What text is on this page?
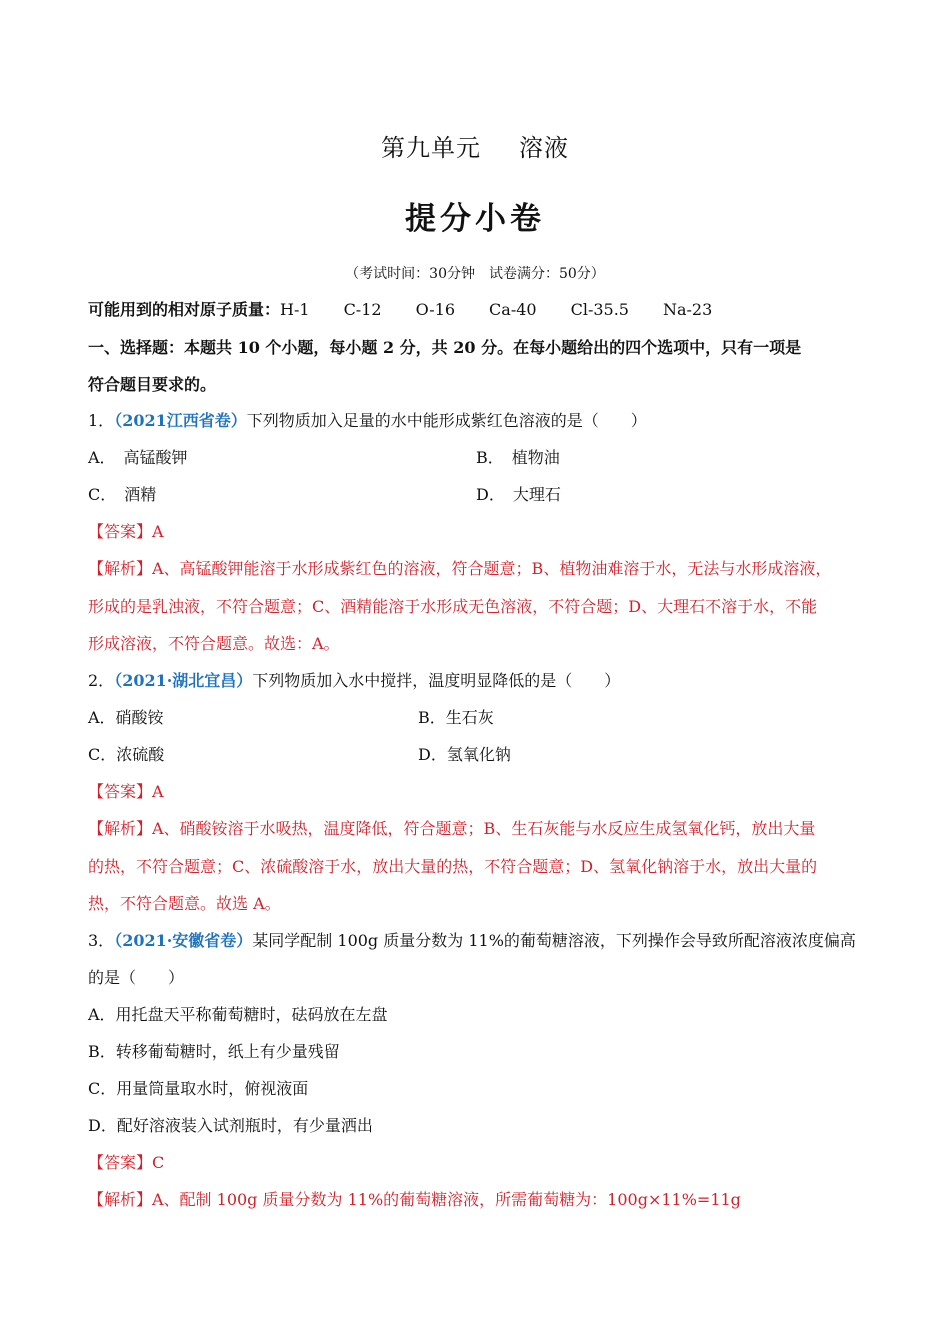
第九单元 溶液
提分小卷
（考试时间：30分钟　试卷满分：50分）
可能用到的相对原子质量：H-1 C-12 O-16 Ca-40 Cl-35.5 Na-23
一、选择题：本题共 10 个小题，每小题 2 分，共 20 分。在每小题给出的四个选项中，只有一项是
符合题目要求的。
1．（2021江西省卷）下列物质加入足量的水中能形成紫红色溶液的是（　　）
A．　高锰酸钾	B．　植物油
C．　酒精	D．　大理石
【答案】A
【解析】A、高锰酸钾能溶于水形成紫红色的溶液，符合题意；B、植物油难溶于水，无法与水形成溶液，
形成的是乳浊液，不符合题意；C、酒精能溶于水形成无色溶液，不符合题；D、大理石不溶于水，不能
形成溶液，不符合题意。故选：A。
2．（2021·湖北宜昌）下列物质加入水中搅拌，温度明显降低的是（　　）
A．硝酸铵	B．生石灰
C．浓硫酸	D．氢氧化钠
【答案】A
【解析】A、硝酸铵溶于水吸热，温度降低，符合题意；B、生石灰能与水反应生成氢氧化钙，放出大量
的热，不符合题意；C、浓硫酸溶于水，放出大量的热，不符合题意；D、氢氧化钠溶于水，放出大量的
热，不符合题意。故选 A。
3．（2021·安徽省卷）某同学配制 100g 质量分数为 11%的葡萄糖溶液，下列操作会导致所配溶液浓度偏高
的是（　　）
A．用托盘天平称葡萄糖时，砝码放在左盘
B．转移葡萄糖时，纸上有少量残留
C．用量筒量取水时，俯视液面
D．配好溶液装入试剂瓶时，有少量洒出
【答案】C
【解析】A、配制 100g 质量分数为 11%的葡萄糖溶液，所需葡萄糖为：100g×11%=11g
